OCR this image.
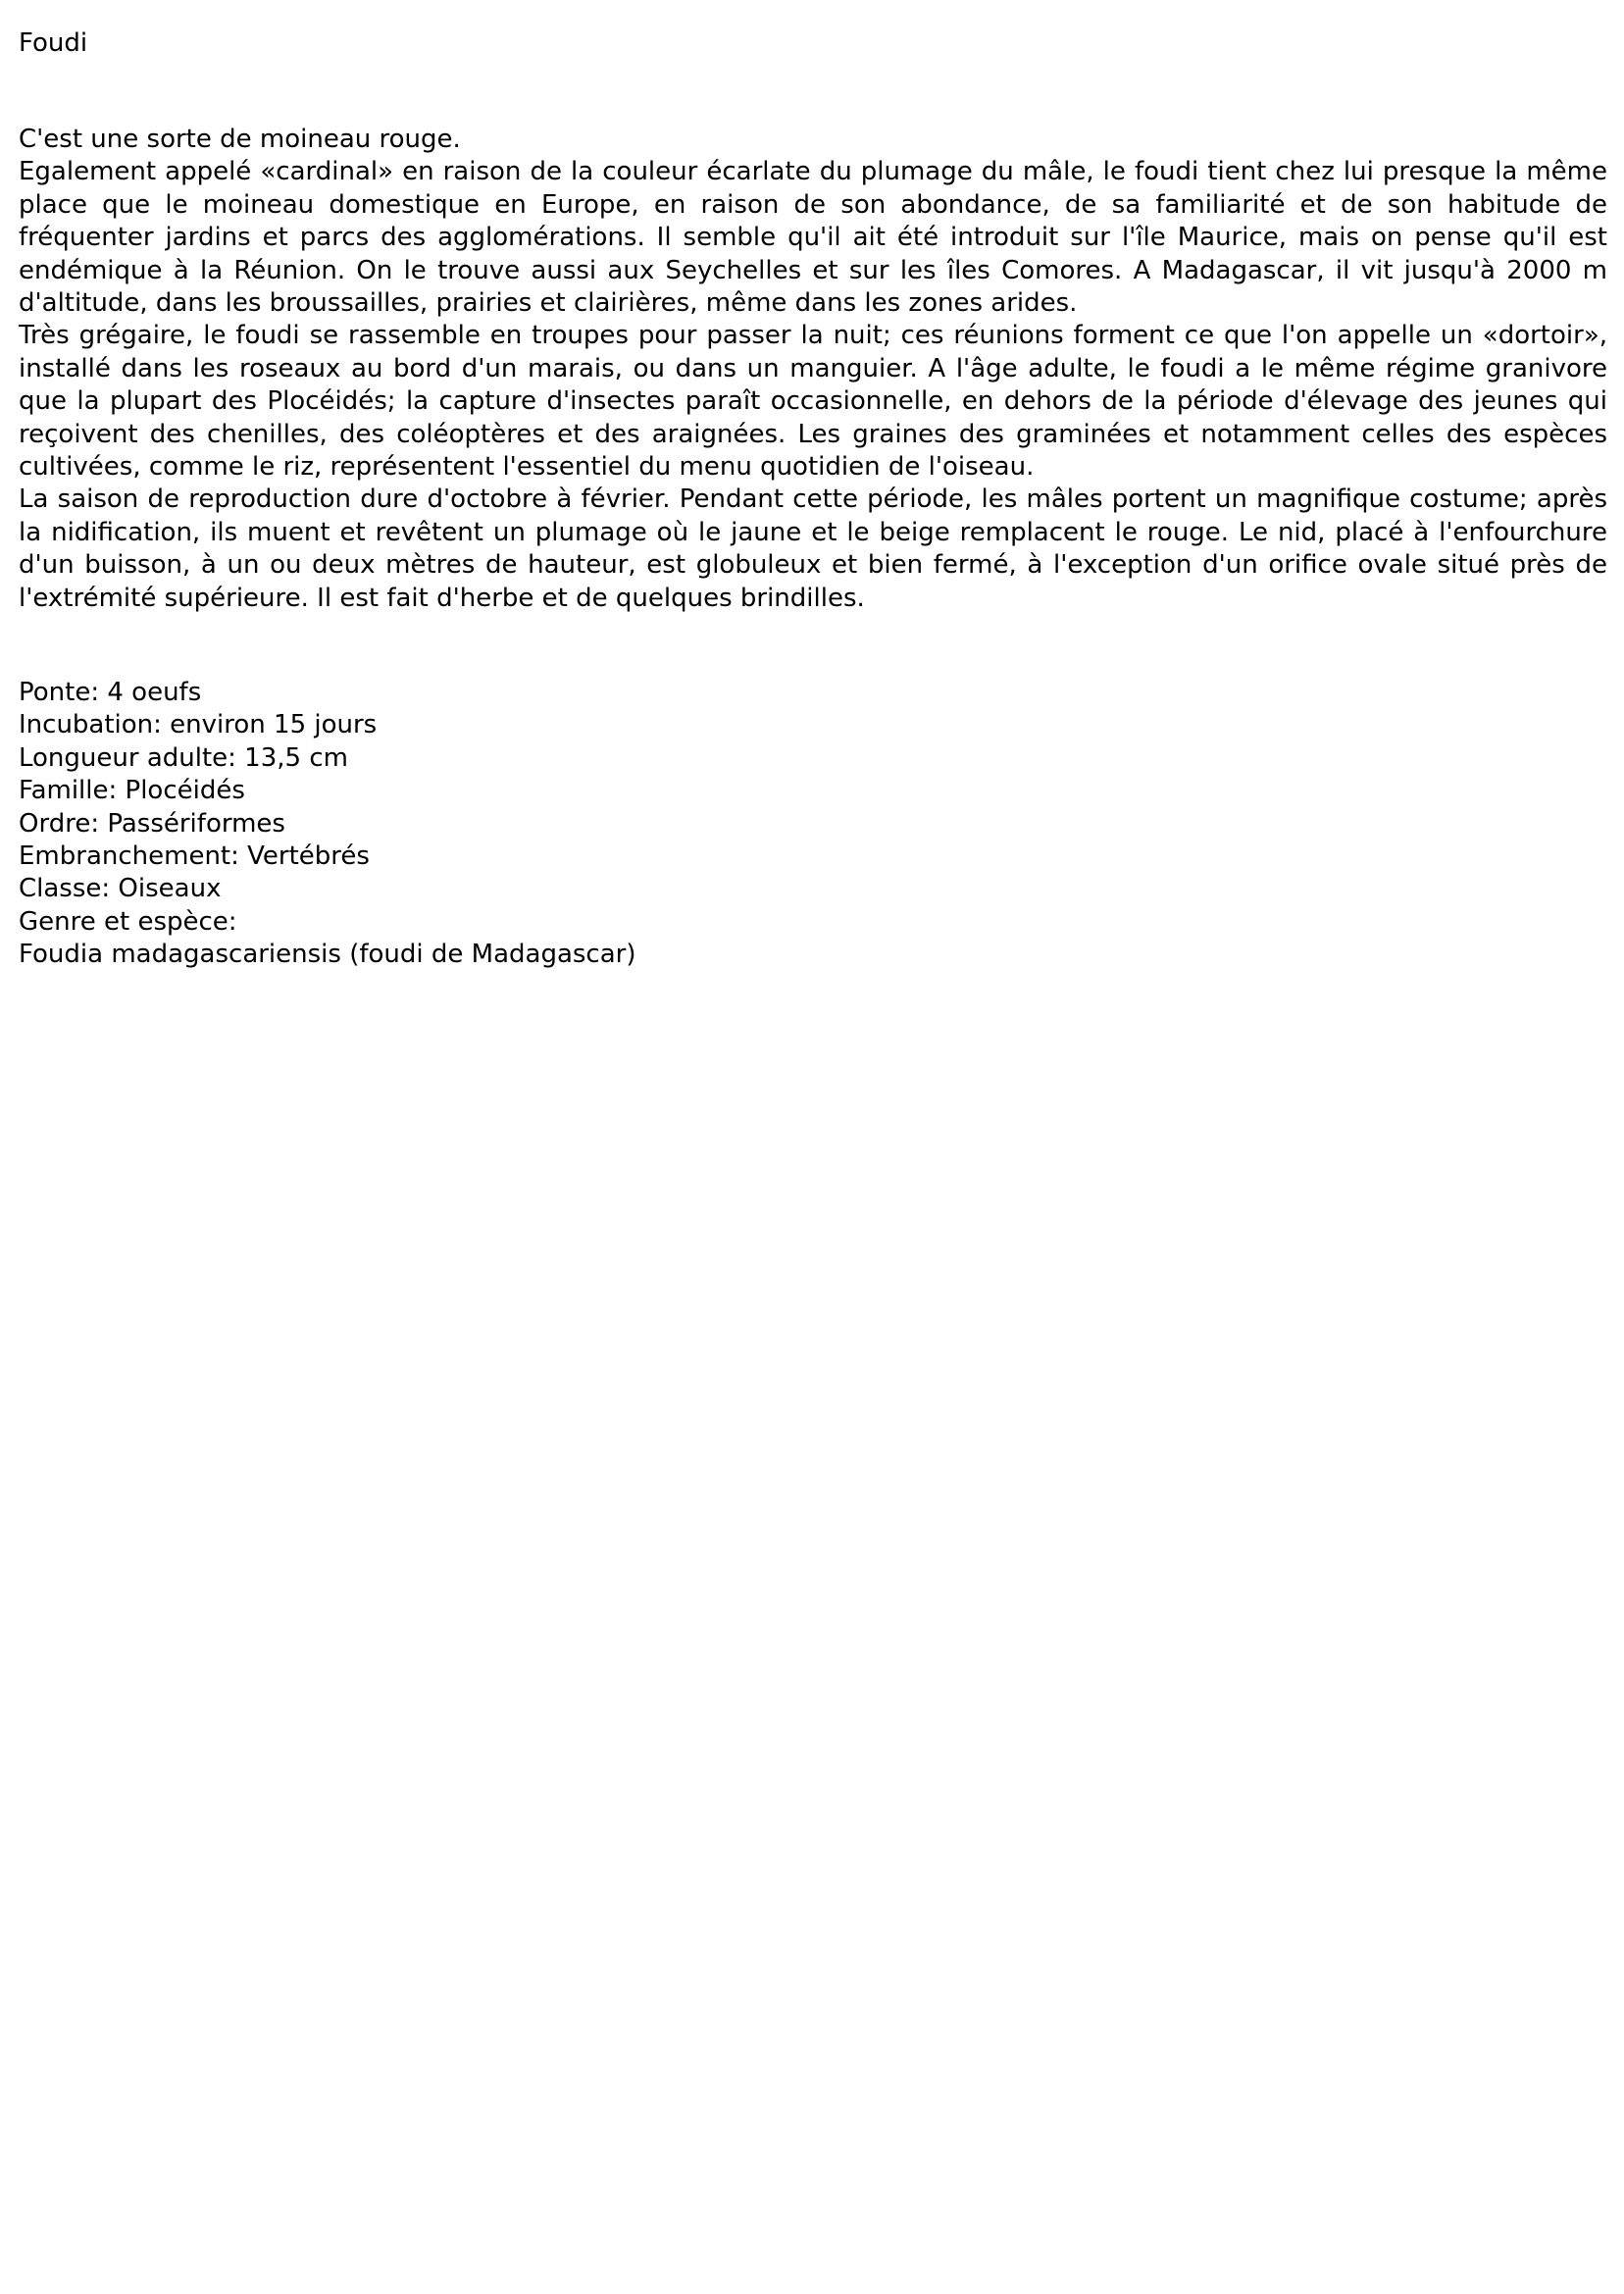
Foudi

C'est une sorte de moineau rouge.

Egalement appelé «cardinal» en raison de la couleur écarlate du plumage du mâle, le foudi tient chez lui presque la même place que le moineau domestique en Europe, en raison de son abondance, de sa familiarité et de son habitude de fréquenter jardins et parcs des agglomérations. Il semble qu'il ait été introduit sur l'île Maurice, mais on pense qu'il est endémique à la Réunion. On le trouve aussi aux Seychelles et sur les îles Comores. A Madagascar, il vit jusqu'à 2000 m d'altitude, dans les broussailles, prairies et clairières, même dans les zones arides.

Très grégaire, le foudi se rassemble en troupes pour passer la nuit; ces réunions forment ce que l'on appelle un «dortoir», installé dans les roseaux au bord d'un marais, ou dans un manguier. A l'âge adulte, le foudi a le même régime granivore que la plupart des Plocéidés; la capture d'insectes paraît occasionnelle, en dehors de la période d'élevage des jeunes qui reçoivent des chenilles, des coléoptères et des araignées. Les graines des graminées et notamment celles des espèces cultivées, comme le riz, représentent l'essentiel du menu quotidien de l'oiseau.

La saison de reproduction dure d'octobre à février. Pendant cette période, les mâles portent un magnifique costume; après la nidification, ils muent et revêtent un plumage où le jaune et le beige remplacent le rouge. Le nid, placé à l'enfourchure d'un buisson, à un ou deux mètres de hauteur, est globuleux et bien fermé, à l'exception d'un orifice ovale situé près de l'extrémité supérieure. Il est fait d'herbe et de quelques brindilles.

Ponte: 4 oeufs
Incubation: environ 15 jours
Longueur adulte: 13,5 cm
Famille: Plocéidés
Ordre: Passériformes
Embranchement: Vertébrés
Classe: Oiseaux
Genre et espèce:
Foudia madagascariensis (foudi de Madagascar)
